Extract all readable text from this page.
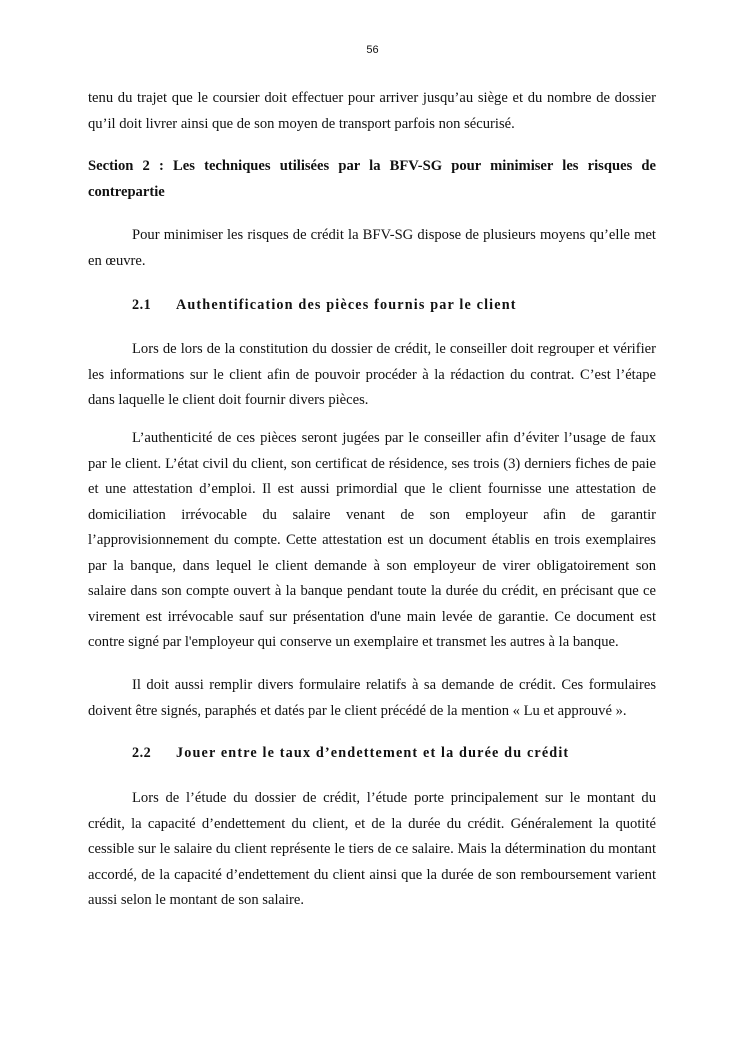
56

tenu du trajet que le coursier doit effectuer pour arriver jusqu’au siège et du nombre de dossier qu’il doit livrer ainsi que de son moyen de transport parfois non sécurisé.

Section 2 : Les techniques utilisées par la BFV-SG pour minimiser les risques de contrepartie

Pour minimiser les risques de crédit la BFV-SG dispose de plusieurs moyens qu’elle met en œuvre.

2.1 Authentification des pièces fournis par le client

Lors de lors de la constitution du dossier de crédit, le conseiller doit regrouper et vérifier les informations sur le client afin de pouvoir procéder à la rédaction du contrat. C’est l’étape dans laquelle le client doit fournir divers pièces.

L’authenticité de ces pièces seront jugées par le conseiller afin d’éviter l’usage de faux par le client. L’état civil du client, son certificat de résidence, ses trois (3) derniers fiches de paie et une attestation d’emploi. Il est aussi primordial que le client fournisse une attestation de domiciliation irrévocable du salaire venant de son employeur afin de garantir l’approvisionnement du compte. Cette attestation est un document établis en trois exemplaires par la banque, dans lequel le client demande à son employeur de virer obligatoirement son salaire dans son compte ouvert à la banque pendant toute la durée du crédit, en précisant que ce virement est irrévocable sauf sur présentation d'une main levée de garantie. Ce document est contre signé par l'employeur qui conserve un exemplaire et transmet les autres à la banque.

Il doit aussi remplir divers formulaire relatifs à sa demande de crédit. Ces formulaires doivent être signés, paraphés et datés par le client précédé de la mention « Lu et approuvé ».

2.2 Jouer entre le taux d’endettement et la durée du crédit

Lors de l’étude du dossier de crédit, l’étude porte principalement sur le montant du crédit, la capacité d’endettement du client, et de la durée du crédit. Généralement la quotité cessible sur le salaire du client représente le tiers de ce salaire. Mais la détermination du montant accordé, de la capacité d’endettement du client ainsi que la durée de son remboursement varient aussi selon le montant de son salaire.
